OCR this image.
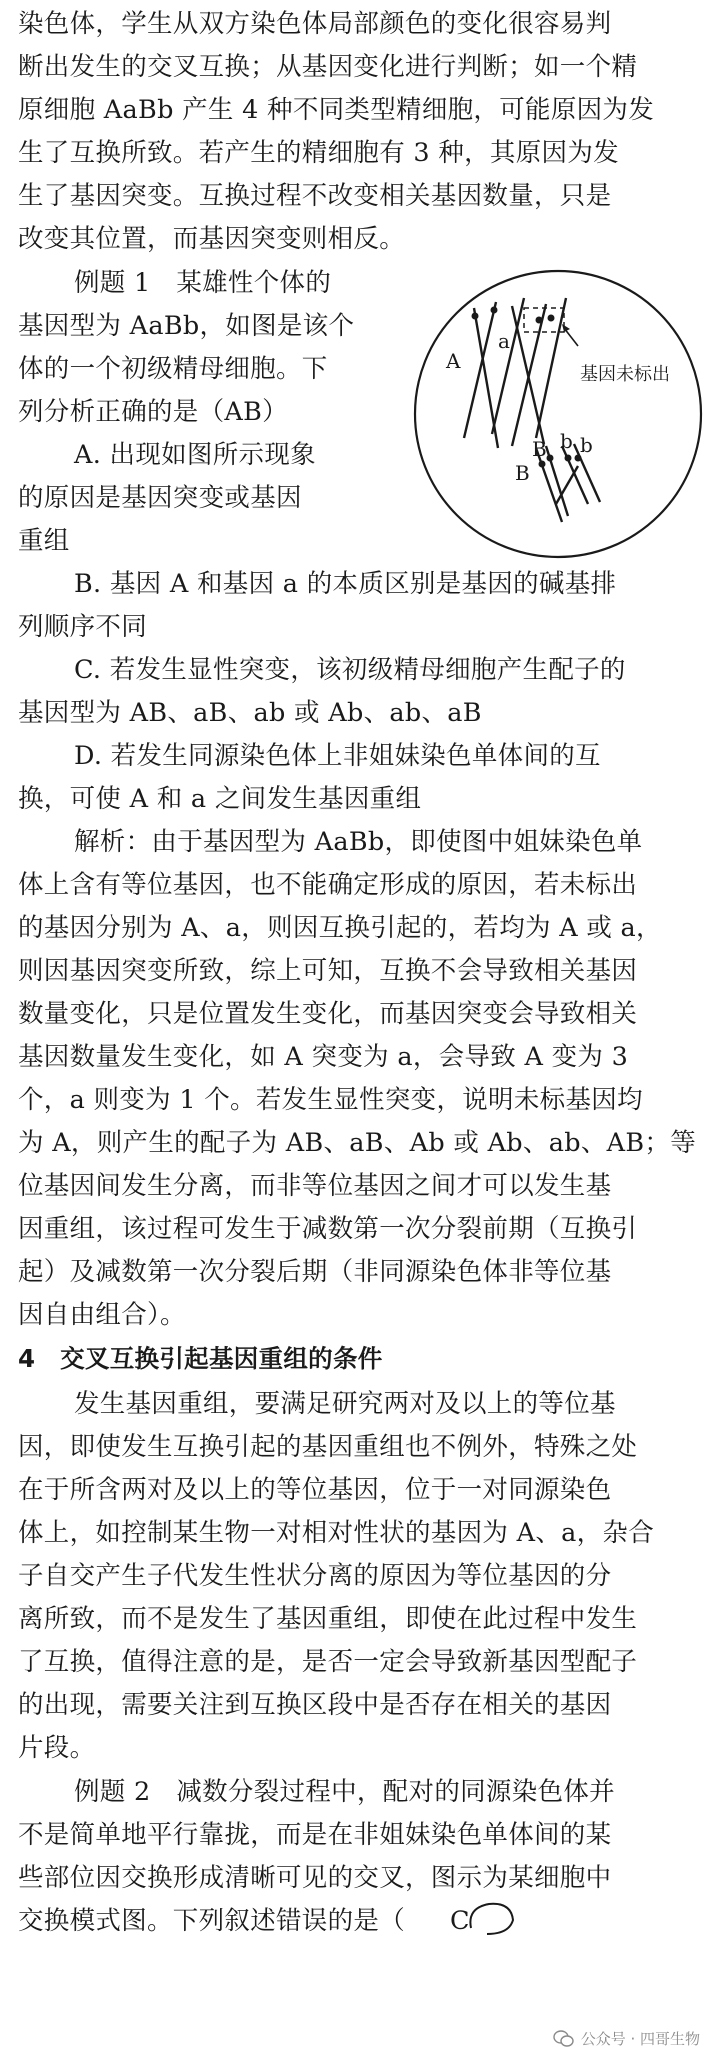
染色体，学生从双方染色体局部颜色的变化很容易判
断出发生的交叉互换；从基因变化进行判断；如一个精
原细胞 AaBb 产生 4 种不同类型精细胞，可能原因为发
生了互换所致。若产生的精细胞有 3 种，其原因为发
生了基因突变。互换过程不改变相关基因数量，只是
改变其位置，而基因突变则相反。
例题 1　某雄性个体的
基因型为 AaBb，如图是该个
体的一个初级精母细胞。下
列分析正确的是（AB）
A. 出现如图所示现象
的原因是基因突变或基因
重组
A
a
B
B
b b
基因未标出
B. 基因 A 和基因 a 的本质区别是基因的碱基排
列顺序不同
C. 若发生显性突变，该初级精母细胞产生配子的
基因型为 AB、aB、ab 或 Ab、ab、aB
D. 若发生同源染色体上非姐妹染色单体间的互
换，可使 A 和 a 之间发生基因重组
解析：由于基因型为 AaBb，即使图中姐妹染色单
体上含有等位基因，也不能确定形成的原因，若未标出
的基因分别为 A、a，则因互换引起的，若均为 A 或 a，
则因基因突变所致，综上可知，互换不会导致相关基因
数量变化，只是位置发生变化，而基因突变会导致相关
基因数量发生变化，如 A 突变为 a，会导致 A 变为 3
个，a 则变为 1 个。若发生显性突变，说明未标基因均
为 A，则产生的配子为 AB、aB、Ab 或 Ab、ab、AB；等
位基因间发生分离，而非等位基因之间才可以发生基
因重组，该过程可发生于减数第一次分裂前期（互换引
起）及减数第一次分裂后期（非同源染色体非等位基
因自由组合）。
4　交叉互换引起基因重组的条件
发生基因重组，要满足研究两对及以上的等位基
因，即使发生互换引起的基因重组也不例外，特殊之处
在于所含两对及以上的等位基因，位于一对同源染色
体上，如控制某生物一对相对性状的基因为 A、a，杂合
子自交产生子代发生性状分离的原因为等位基因的分
离所致，而不是发生了基因重组，即使在此过程中发生
了互换，值得注意的是，是否一定会导致新基因型配子
的出现，需要关注到互换区段中是否存在相关的基因
片段。
例题 2　减数分裂过程中，配对的同源染色体并
不是简单地平行靠拢，而是在非姐妹染色单体间的某
些部位因交换形成清晰可见的交叉，图示为某细胞中
交换模式图。下列叙述错误的是（ C
公众号 · 四哥生物
